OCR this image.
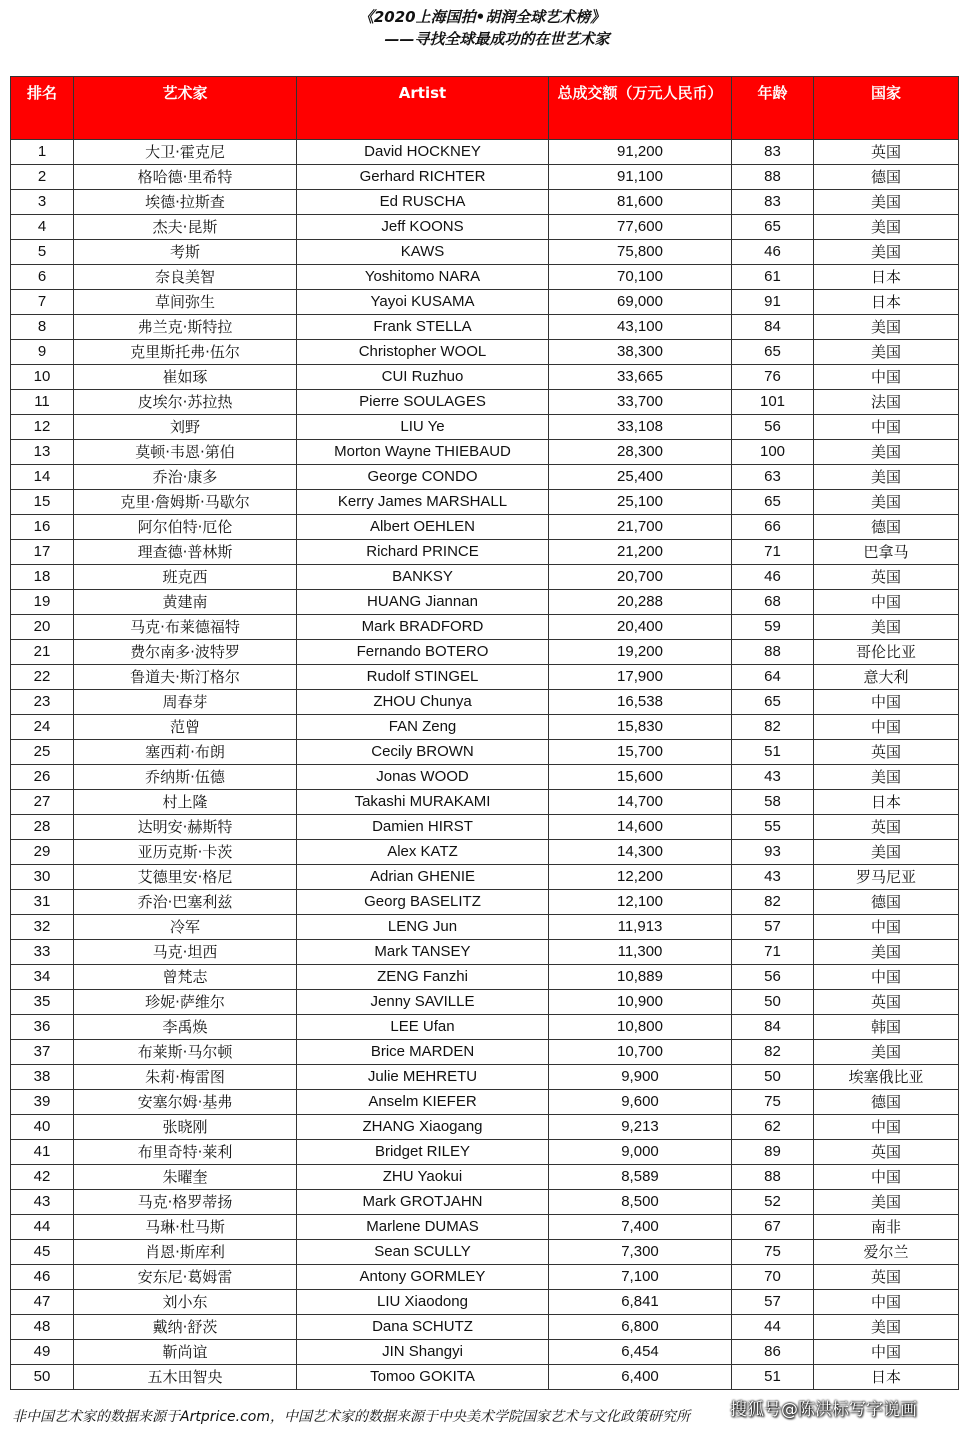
《2020上海国拍•胡润全球艺术榜》
——寻找全球最成功的在世艺术家
排名	艺术家	Artist	总成交额（万元人民币）	年龄	国家
1	大卫·霍克尼	David HOCKNEY	91,200	83	英国
2	格哈德·里希特	Gerhard RICHTER	91,100	88	德国
3	埃德·拉斯查	Ed RUSCHA	81,600	83	美国
4	杰夫·昆斯	Jeff KOONS	77,600	65	美国
5	考斯	KAWS	75,800	46	美国
6	奈良美智	Yoshitomo NARA	70,100	61	日本
7	草间弥生	Yayoi KUSAMA	69,000	91	日本
8	弗兰克·斯特拉	Frank STELLA	43,100	84	美国
9	克里斯托弗·伍尔	Christopher WOOL	38,300	65	美国
10	崔如琢	CUI Ruzhuo	33,665	76	中国
11	皮埃尔·苏拉热	Pierre SOULAGES	33,700	101	法国
12	刘野	LIU Ye	33,108	56	中国
13	莫顿·韦恩·第伯	Morton Wayne THIEBAUD	28,300	100	美国
14	乔治·康多	George CONDO	25,400	63	美国
15	克里·詹姆斯·马歇尔	Kerry James MARSHALL	25,100	65	美国
16	阿尔伯特·厄伦	Albert OEHLEN	21,700	66	德国
17	理查德·普林斯	Richard PRINCE	21,200	71	巴拿马
18	班克西	BANKSY	20,700	46	英国
19	黄建南	HUANG Jiannan	20,288	68	中国
20	马克·布莱德福特	Mark BRADFORD	20,400	59	美国
21	费尔南多·波特罗	Fernando BOTERO	19,200	88	哥伦比亚
22	鲁道夫·斯汀格尔	Rudolf STINGEL	17,900	64	意大利
23	周春芽	ZHOU Chunya	16,538	65	中国
24	范曾	FAN Zeng	15,830	82	中国
25	塞西莉·布朗	Cecily BROWN	15,700	51	英国
26	乔纳斯·伍德	Jonas WOOD	15,600	43	美国
27	村上隆	Takashi MURAKAMI	14,700	58	日本
28	达明安·赫斯特	Damien HIRST	14,600	55	英国
29	亚历克斯·卡茨	Alex KATZ	14,300	93	美国
30	艾德里安·格尼	Adrian GHENIE	12,200	43	罗马尼亚
31	乔治·巴塞利兹	Georg BASELITZ	12,100	82	德国
32	冷军	LENG Jun	11,913	57	中国
33	马克·坦西	Mark TANSEY	11,300	71	美国
34	曾梵志	ZENG Fanzhi	10,889	56	中国
35	珍妮·萨维尔	Jenny SAVILLE	10,900	50	英国
36	李禹焕	LEE Ufan	10,800	84	韩国
37	布莱斯·马尔顿	Brice MARDEN	10,700	82	美国
38	朱莉·梅雷图	Julie MEHRETU	9,900	50	埃塞俄比亚
39	安塞尔姆·基弗	Anselm KIEFER	9,600	75	德国
40	张晓刚	ZHANG Xiaogang	9,213	62	中国
41	布里奇特·莱利	Bridget RILEY	9,000	89	英国
42	朱曜奎	ZHU Yaokui	8,589	88	中国
43	马克·格罗蒂扬	Mark GROTJAHN	8,500	52	美国
44	马琳·杜马斯	Marlene DUMAS	7,400	67	南非
45	肖恩·斯库利	Sean SCULLY	7,300	75	爱尔兰
46	安东尼·葛姆雷	Antony GORMLEY	7,100	70	英国
47	刘小东	LIU Xiaodong	6,841	57	中国
48	戴纳·舒茨	Dana SCHUTZ	6,800	44	美国
49	靳尚谊	JIN Shangyi	6,454	86	中国
50	五木田智央	Tomoo GOKITA	6,400	51	日本
非中国艺术家的数据来源于Artprice.com，中国艺术家的数据来源于中央美术学院国家艺术与文化政策研究所 搜狐号@陈洪标写字说画
